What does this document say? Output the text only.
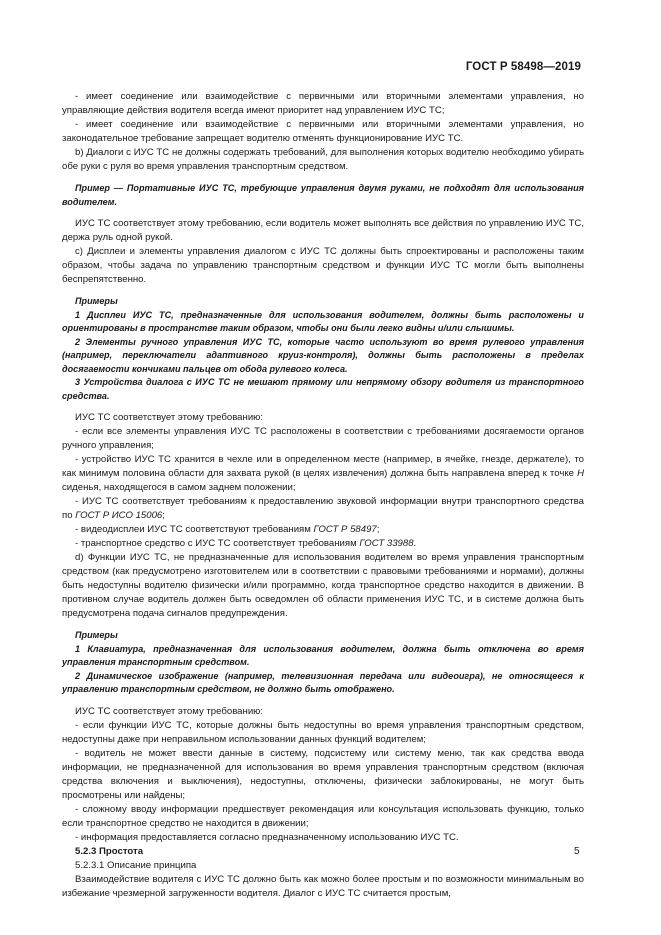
ГОСТ Р 58498—2019

- имеет соединение или взаимодействие с первичными или вторичными элементами управления, но управляющие действия водителя всегда имеют приоритет над управлением ИУС ТС;

- имеет соединение или взаимодействие с первичными или вторичными элементами управления, но законодательное требование запрещает водителю отменять функционирование ИУС ТС.

b) Диалоги с ИУС ТС не должны содержать требований, для выполнения которых водителю необходимо убирать обе руки с руля во время управления транспортным средством.

Пример — Портативные ИУС ТС, требующие управления двумя руками, не подходят для использования водителем.

ИУС ТС соответствует этому требованию, если водитель может выполнять все действия по управлению ИУС ТС, держа руль одной рукой.

c) Дисплеи и элементы управления диалогом с ИУС ТС должны быть спроектированы и расположены таким образом, чтобы задача по управлению транспортным средством и функции ИУС ТС могли быть выполнены беспрепятственно.

Примеры

1 Дисплеи ИУС ТС, предназначенные для использования водителем, должны быть расположены и ориентированы в пространстве таким образом, чтобы они были легко видны и/или слышимы.

2 Элементы ручного управления ИУС ТС, которые часто используют во время рулевого управления (например, переключатели адаптивного круиз-контроля), должны быть расположены в пределах досягаемости кончиками пальцев от обода рулевого колеса.

3 Устройства диалога с ИУС ТС не мешают прямому или непрямому обзору водителя из транспортного средства.

ИУС ТС соответствует этому требованию:

- если все элементы управления ИУС ТС расположены в соответствии с требованиями досягаемости органов ручного управления;

- устройство ИУС ТС хранится в чехле или в определенном месте (например, в ячейке, гнезде, держателе), то как минимум половина области для захвата рукой (в целях извлечения) должна быть направлена вперед к точке H сиденья, находящегося в самом заднем положении;

- ИУС ТС соответствует требованиям к предоставлению звуковой информации внутри транспортного средства по ГОСТ Р ИСО 15006;

- видеодисплеи ИУС ТС соответствуют требованиям ГОСТ Р 58497;

- транспортное средство с ИУС ТС соответствует требованиям ГОСТ 33988.

d) Функции ИУС ТС, не предназначенные для использования водителем во время управления транспортным средством (как предусмотрено изготовителем или в соответствии с правовыми требованиями и нормами), должны быть недоступны водителю физически и/или программно, когда транспортное средство находится в движении. В противном случае водитель должен быть осведомлен об области применения ИУС ТС, и в системе должна быть предусмотрена подача сигналов предупреждения.

Примеры

1 Клавиатура, предназначенная для использования водителем, должна быть отключена во время управления транспортным средством.

2 Динамическое изображение (например, телевизионная передача или видеоигра), не относящееся к управлению транспортным средством, не должно быть отображено.

ИУС ТС соответствует этому требованию:

- если функции ИУС ТС, которые должны быть недоступны во время управления транспортным средством, недоступны даже при неправильном использовании данных функций водителем;

- водитель не может ввести данные в систему, подсистему или систему меню, так как средства ввода информации, не предназначенной для использования во время управления транспортным средством (включая средства включения и выключения), недоступны, отключены, физически заблокированы, не могут быть просмотрены или найдены;

- сложному вводу информации предшествует рекомендация или консультация использовать функцию, только если транспортное средство не находится в движении;

- информация предоставляется согласно предназначенному использованию ИУС ТС.

5.2.3 Простота

5.2.3.1 Описание принципа

Взаимодействие водителя с ИУС ТС должно быть как можно более простым и по возможности минимальным во избежание чрезмерной загруженности водителя. Диалог с ИУС ТС считается простым,

5
